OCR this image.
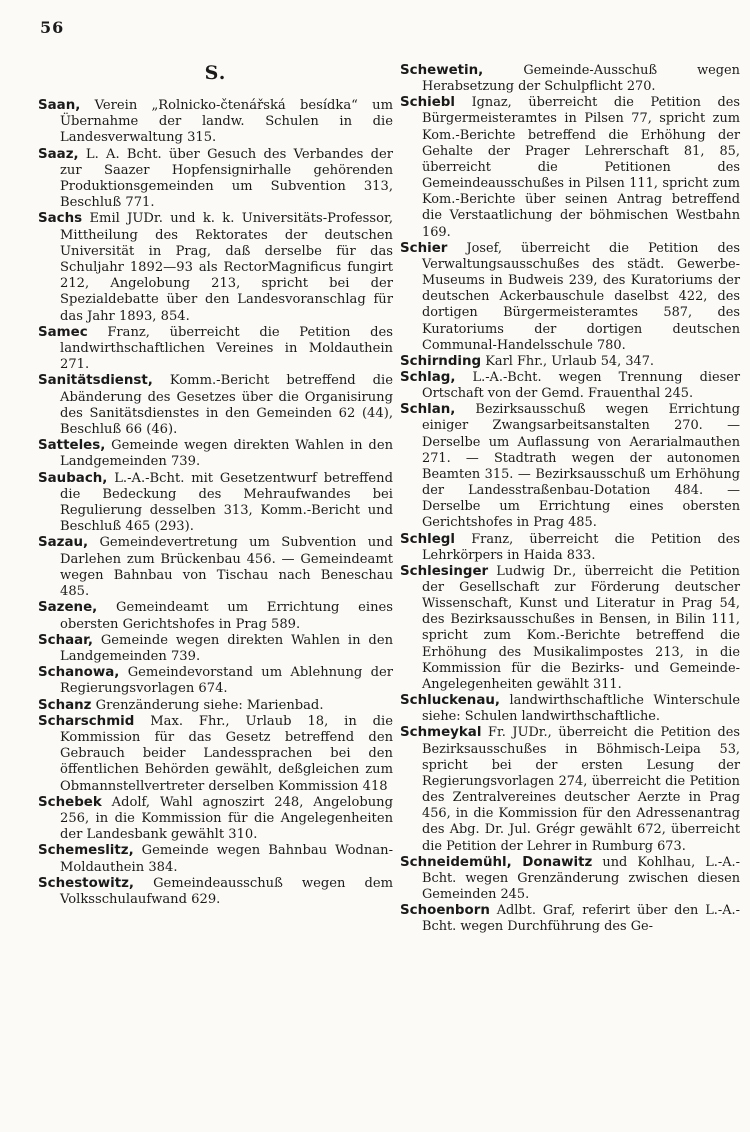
56
S.

Saan, Verein „Rolnicko-čtenářská besídka“ um Übernahme der landw. Schulen in die Landesverwaltung 315.

Saaz, L. A. Bcht. über Gesuch des Verbandes der zur Saazer Hopfensignirhalle gehörenden Produktionsgemeinden um Subvention 313, Beschluß 771.

Sachs Emil JUDr. und k. k. Universitäts-Professor, Mittheilung des Rektorates der deutschen Universität in Prag, daß derselbe für das Schuljahr 1892—93 als RectorMagnificus fungirt 212, Angelobung 213, spricht bei der Spezialdebatte über den Landesvoranschlag für das Jahr 1893, 854.

Samec Franz, überreicht die Petition des landwirthschaftlichen Vereines in Moldauthein 271.

Sanitätsdienst, Komm.-Bericht betreffend die Abänderung des Gesetzes über die Organisirung des Sanitätsdienstes in den Gemeinden 62 (44), Beschluß 66 (46).

Satteles, Gemeinde wegen direkten Wahlen in den Landgemeinden 739.

Saubach, L.-A.-Bcht. mit Gesetzentwurf betreffend die Bedeckung des Mehraufwandes bei Regulierung desselben 313, Komm.-Bericht und Beschluß 465 (293).

Sazau, Gemeindevertretung um Subvention und Darlehen zum Brückenbau 456. — Gemeindeamt wegen Bahnbau von Tischau nach Beneschau 485.

Sazene, Gemeindeamt um Errichtung eines obersten Gerichtshofes in Prag 589.

Schaar, Gemeinde wegen direkten Wahlen in den Landgemeinden 739.

Schanowa, Gemeindevorstand um Ablehnung der Regierungsvorlagen 674.

Schanz Grenzänderung siehe: Marienbad.

Scharschmid Max. Fhr., Urlaub 18, in die Kommission für das Gesetz betreffend den Gebrauch beider Landessprachen bei den öffentlichen Behörden gewählt, deßgleichen zum Obmannstellvertreter derselben Kommission 418

Schebek Adolf, Wahl agnoszirt 248, Angelobung 256, in die Kommission für die Angelegenheiten der Landesbank gewählt 310.

Schemeslitz, Gemeinde wegen Bahnbau Wodnan-Moldauthein 384.

Schestowitz, Gemeindeausschuß wegen dem Volksschulaufwand 629.

Schewetin,	Gemeinde-Ausschuß wegen Herabsetzung der Schulpflicht 270.

Schiebl Ignaz, überreicht die Petition des Bürgermeisteramtes in Pilsen 77, spricht zum Kom.-Berichte betreffend die Erhöhung der Gehalte der Prager Lehrerschaft 81, 85, überreicht die Petitionen des Gemeindeausschußes in Pilsen 111, spricht zum Kom.-Berichte über seinen Antrag betreffend die Verstaatlichung der böhmischen Westbahn 169.

Schier Josef, überreicht die Petition des Verwaltungsausschußes des städt. Gewerbe-Museums in Budweis 239, des Kuratoriums der deutschen Ackerbauschule daselbst 422, des dortigen Bürgermeisteramtes 587, des Kuratoriums der dortigen deutschen Communal-Handelsschule 780.

Schirnding Karl Fhr., Urlaub 54, 347.

Schlag, L.-A.-Bcht. wegen Trennung dieser Ortschaft von der Gemd. Frauenthal 245.

Schlan, Bezirksausschuß wegen Errichtung einiger Zwangsarbeitsanstalten 270. — Derselbe um Auflassung von Aerarialmauthen 271. — Stadtrath wegen der autonomen Beamten 315. — Bezirksausschuß um Erhöhung der Landesstraßenbau-Dotation 484. — Derselbe um Errichtung eines obersten Gerichtshofes in Prag 485.

Schlegl Franz, überreicht die Petition des Lehrkörpers in Haida 833.

Schlesinger Ludwig Dr., überreicht die Petition der Gesellschaft zur Förderung deutscher Wissenschaft, Kunst und Literatur in Prag 54, des Bezirksausschußes in Bensen, in Bilin 111, spricht zum Kom.-Berichte betreffend die Erhöhung des Musikalimpostes 213, in die Kommission für die Bezirks- und Gemeinde-Angelegenheiten gewählt 311.

Schluckenau, landwirthschaftliche Winterschule siehe: Schulen landwirthschaftliche.

Schmeykal Fr. JUDr., überreicht die Petition des Bezirksausschußes in Böhmisch-Leipa 53, spricht bei der ersten Lesung der Regierungsvorlagen 274, überreicht die Petition des Zentralvereines deutscher Aerzte in Prag 456, in die Kommission für den Adressenantrag des Abg. Dr. Jul. Grégr gewählt 672, überreicht die Petition der Lehrer in Rumburg 673.

Schneidemühl, Donawitz und Kohlhau, L.-A.-Bcht. wegen Grenzänderung zwischen diesen Gemeinden 245.

Schoenborn Adlbt. Graf, referirt über den L.-A.-Bcht. wegen Durchführung des Ge-
